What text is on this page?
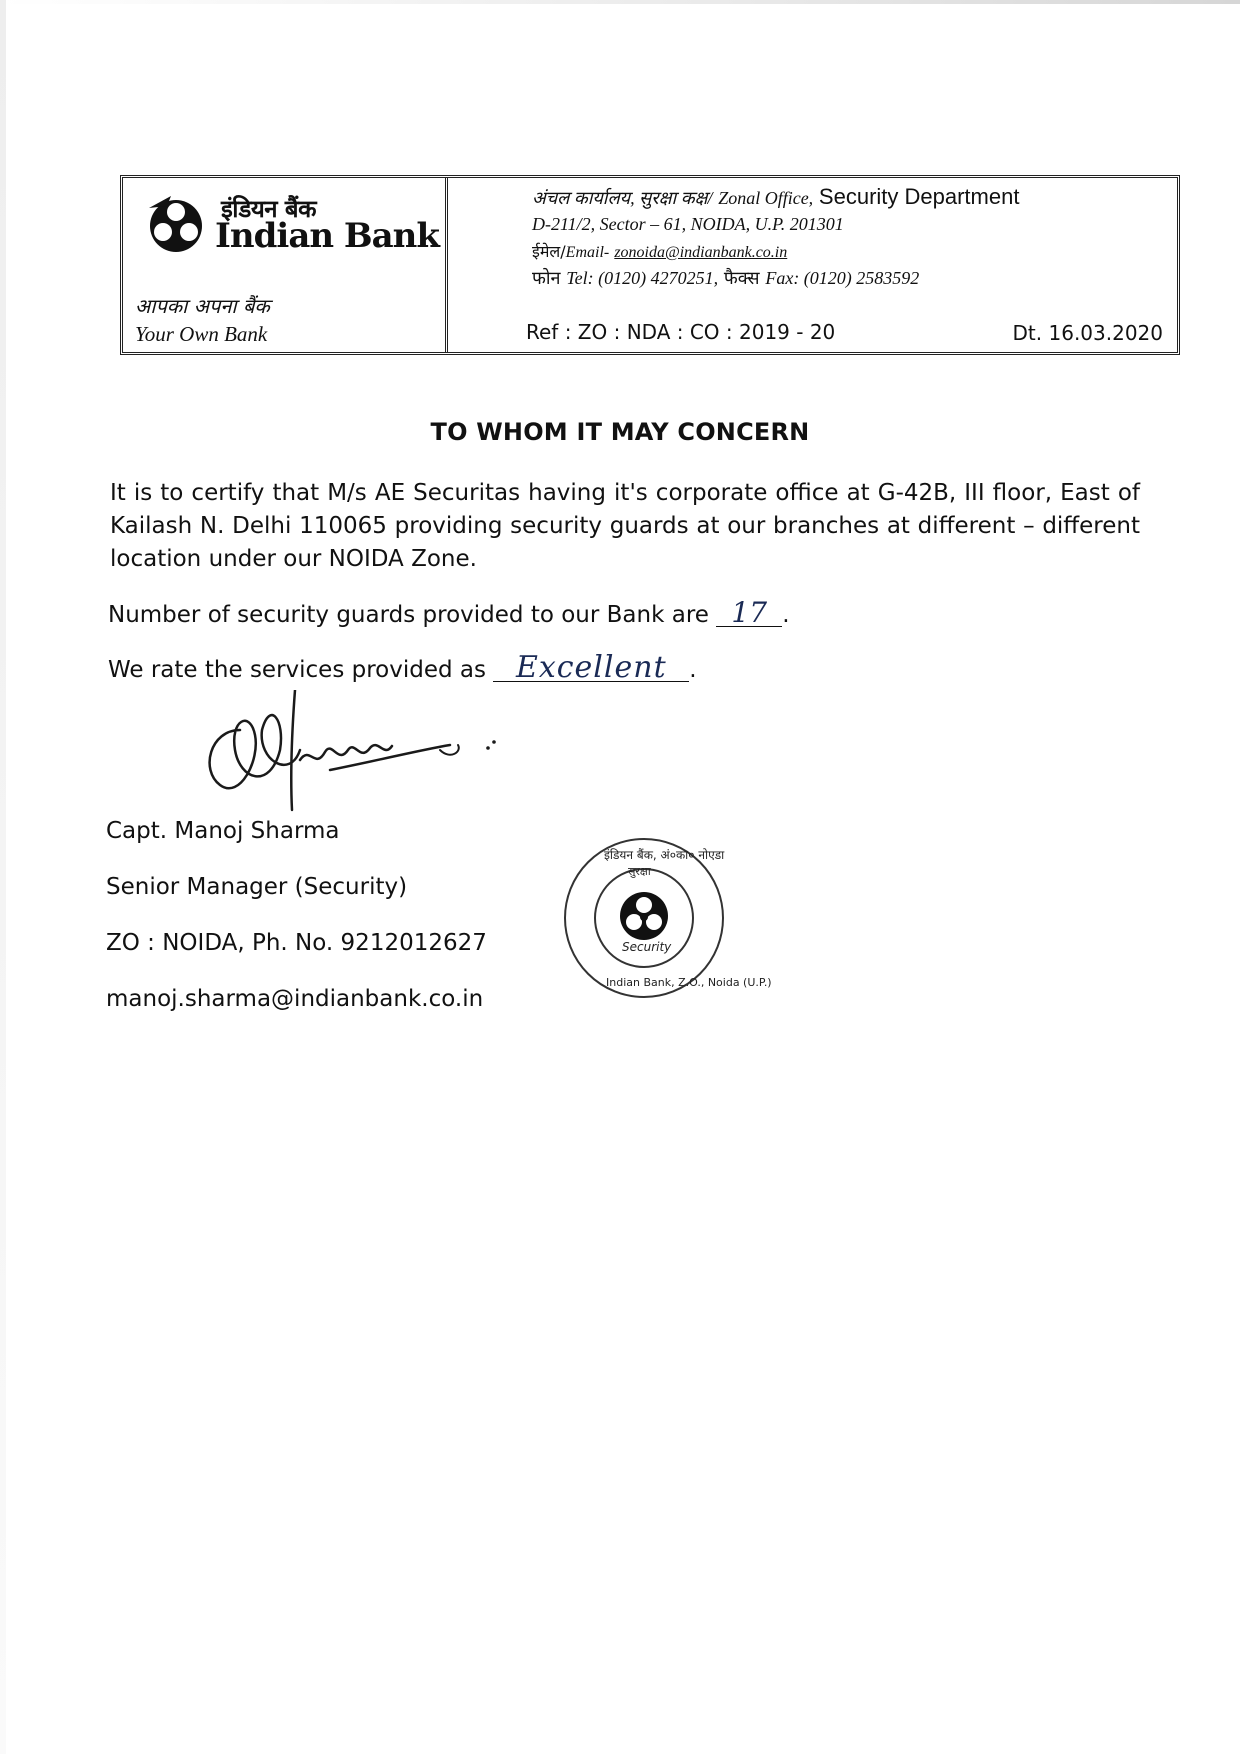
इंडियन बैंक
Indian Bank
आपका अपना बैंक
Your Own Bank
अंचल कार्यालय, सुरक्षा कक्ष/ Zonal Office, Security Department
D-211/2, Sector – 61, NOIDA, U.P. 201301
ईमेल/Email- zonoida@indianbank.co.in
फोन Tel: (0120) 4270251, फैक्स Fax: (0120) 2583592
Ref : ZO : NDA : CO : 2019 - 20	Dt. 16.03.2020
TO WHOM IT MAY CONCERN
It is to certify that M/s AE Securitas having it's corporate office at G-42B, III floor, East of Kailash N. Delhi 110065 providing security guards at our branches at different – different location under our NOIDA Zone.
Number of security guards provided to our Bank are 17 .
We rate the services provided as Excellent .
Capt. Manoj Sharma
Senior Manager (Security)
ZO : NOIDA, Ph. No. 9212012627
manoj.sharma@indianbank.co.in
इंडियन बैंक, अं०का० नोएडा
सुरक्षा
Security
Indian Bank, Z.O., Noida (U.P.)
